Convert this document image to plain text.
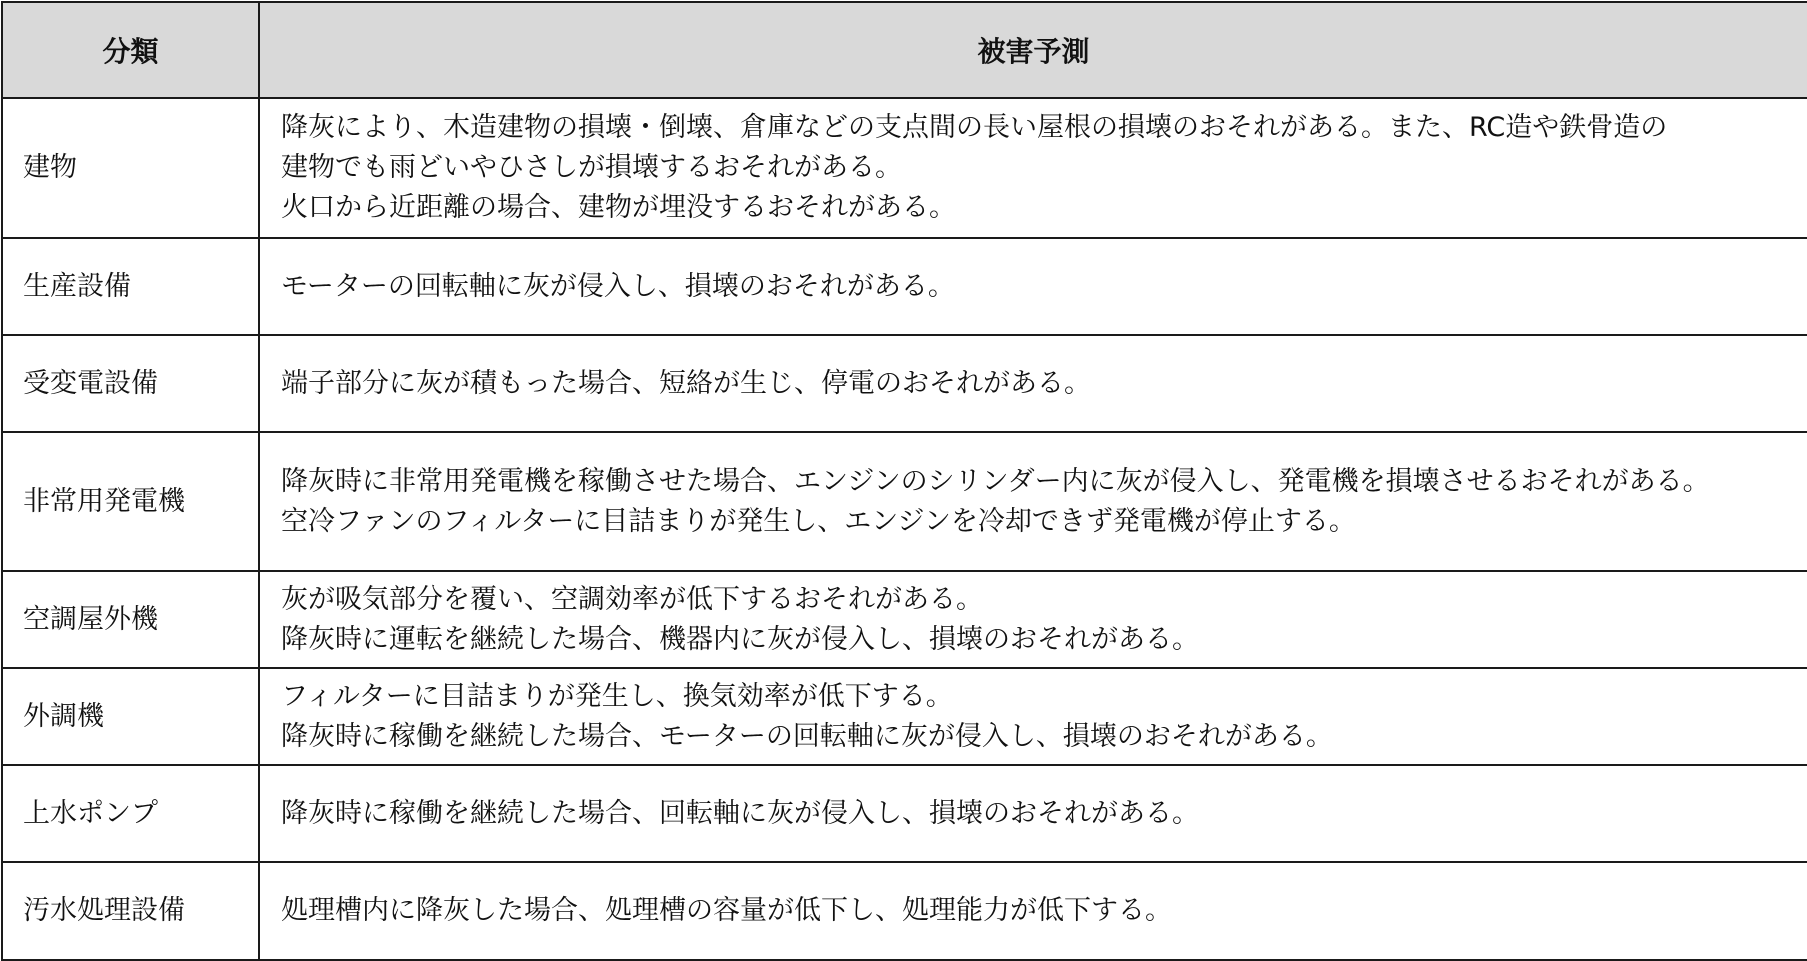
分類	被害予測
建物	降灰により、木造建物の損壊・倒壊、倉庫などの支点間の長い屋根の損壊のおそれがある。また、RC造や鉄骨造の
建物でも雨どいやひさしが損壊するおそれがある。
火口から近距離の場合、建物が埋没するおそれがある。

生産設備	モーターの回転軸に灰が侵入し、損壊のおそれがある。

受変電設備	端子部分に灰が積もった場合、短絡が生じ、停電のおそれがある。

非常用発電機	降灰時に非常用発電機を稼働させた場合、エンジンのシリンダー内に灰が侵入し、発電機を損壊させるおそれがある。
空冷ファンのフィルターに目詰まりが発生し、エンジンを冷却できず発電機が停止する。

空調屋外機	灰が吸気部分を覆い、空調効率が低下するおそれがある。
降灰時に運転を継続した場合、機器内に灰が侵入し、損壊のおそれがある。

外調機	フィルターに目詰まりが発生し、換気効率が低下する。
降灰時に稼働を継続した場合、モーターの回転軸に灰が侵入し、損壊のおそれがある。

上水ポンプ	降灰時に稼働を継続した場合、回転軸に灰が侵入し、損壊のおそれがある。

汚水処理設備	処理槽内に降灰した場合、処理槽の容量が低下し、処理能力が低下する。
